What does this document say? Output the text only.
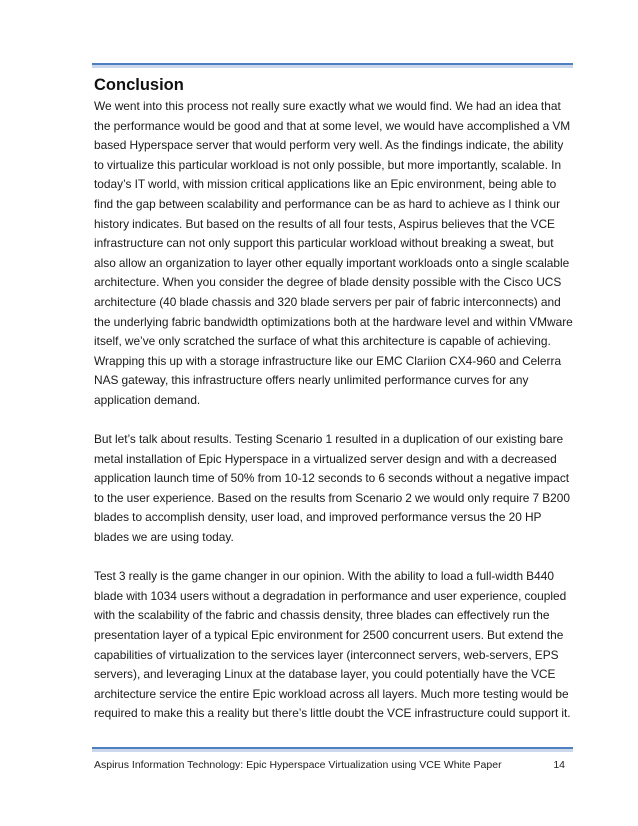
Conclusion

We went into this process not really sure exactly what we would find. We had an idea that the performance would be good and that at some level, we would have accomplished a VM based Hyperspace server that would perform very well. As the findings indicate, the ability to virtualize this particular workload is not only possible, but more importantly, scalable. In today’s IT world, with mission critical applications like an Epic environment, being able to find the gap between scalability and performance can be as hard to achieve as I think our history indicates. But based on the results of all four tests, Aspirus believes that the VCE infrastructure can not only support this particular workload without breaking a sweat, but also allow an organization to layer other equally important workloads onto a single scalable architecture. When you consider the degree of blade density possible with the Cisco UCS architecture (40 blade chassis and 320 blade servers per pair of fabric interconnects) and the underlying fabric bandwidth optimizations both at the hardware level and within VMware itself, we’ve only scratched the surface of what this architecture is capable of achieving. Wrapping this up with a storage infrastructure like our EMC Clariion CX4-960 and Celerra NAS gateway, this infrastructure offers nearly unlimited performance curves for any application demand.

But let’s talk about results. Testing Scenario 1 resulted in a duplication of our existing bare metal installation of Epic Hyperspace in a virtualized server design and with a decreased application launch time of 50% from 10-12 seconds to 6 seconds without a negative impact to the user experience. Based on the results from Scenario 2 we would only require 7 B200 blades to accomplish density, user load, and improved performance versus the 20 HP blades we are using today.

Test 3 really is the game changer in our opinion. With the ability to load a full-width B440 blade with 1034 users without a degradation in performance and user experience, coupled with the scalability of the fabric and chassis density, three blades can effectively run the presentation layer of a typical Epic environment for 2500 concurrent users. But extend the capabilities of virtualization to the services layer (interconnect servers, web-servers, EPS servers), and leveraging Linux at the database layer, you could potentially have the VCE architecture service the entire Epic workload across all layers. Much more testing would be required to make this a reality but there’s little doubt the VCE infrastructure could support it.

Aspirus Information Technology: Epic Hyperspace Virtualization using VCE White Paper	14
